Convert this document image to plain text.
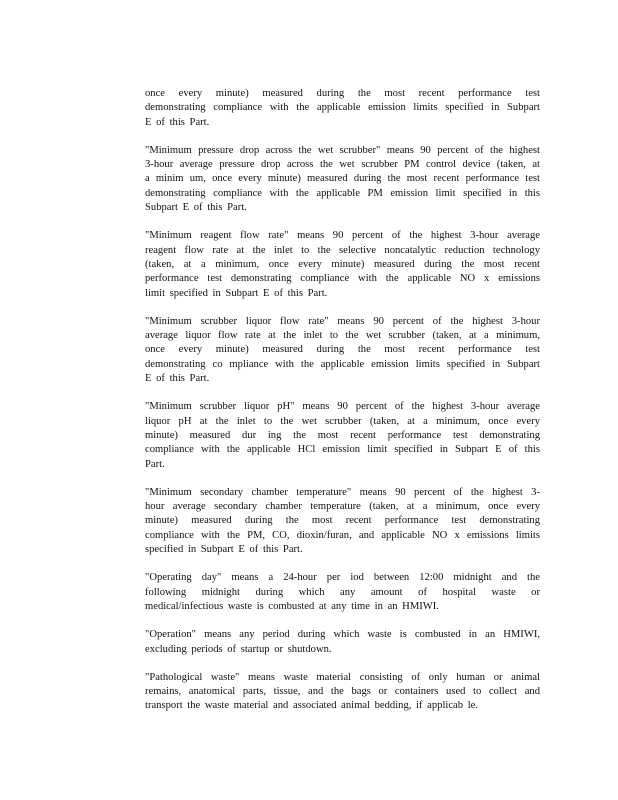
once every minute) measured during the most recent performance test
demonstrating compliance with the applicable emission limits specified in Subpart
E of this Part.

"Minimum pressure drop across the wet scrubber" means 90 percent of the highest
3-hour average pressure drop across the wet scrubber PM control device (taken, at
a minim um, once every minute) measured during the most recent performance test
demonstrating compliance with the applicable PM emission limit specified in this
Subpart E of this Part.

"Minimum reagent flow rate" means 90 percent of the highest 3-hour average
reagent flow rate at the inlet to the selective noncatalytic reduction technology
(taken, at a minimum, once every minute) measured during the most recent
performance test demonstrating compliance with the applicable NO x emissions
limit specified in Subpart E of this Part.

"Minimum scrubber liquor flow rate" means 90 percent of the highest 3-hour
average liquor flow rate at the inlet to the wet scrubber (taken, at a minimum,
once every minute) measured during the most recent performance test
demonstrating co mpliance with the applicable emission limits specified in Subpart
E of this Part.

"Minimum scrubber liquor pH" means 90 percent of the highest 3-hour average
liquor pH at the inlet to the wet scrubber (taken, at a minimum, once every
minute) measured dur ing the most recent performance test demonstrating
compliance with the applicable HCl emission limit specified in Subpart E of this
Part.

"Minimum secondary chamber temperature" means 90 percent of the highest 3-
hour average secondary chamber temperature (taken, at a minimum, once every
minute) measured during the most recent performance test demonstrating
compliance with the PM, CO, dioxin/furan, and applicable NO x emissions limits
specified in Subpart E of this Part.

"Operating day" means a 24-hour per iod between 12:00 midnight and the
following midnight during which any amount of hospital waste or
medical/infectious waste is combusted at any time in an HMIWI.

"Operation" means any period during which waste is combusted in an HMIWI,
excluding periods of startup or shutdown.

"Pathological waste" means waste material consisting of only human or animal
remains, anatomical parts, tissue, and the bags or containers used to collect and
transport the waste material and associated animal bedding, if applicab le.
